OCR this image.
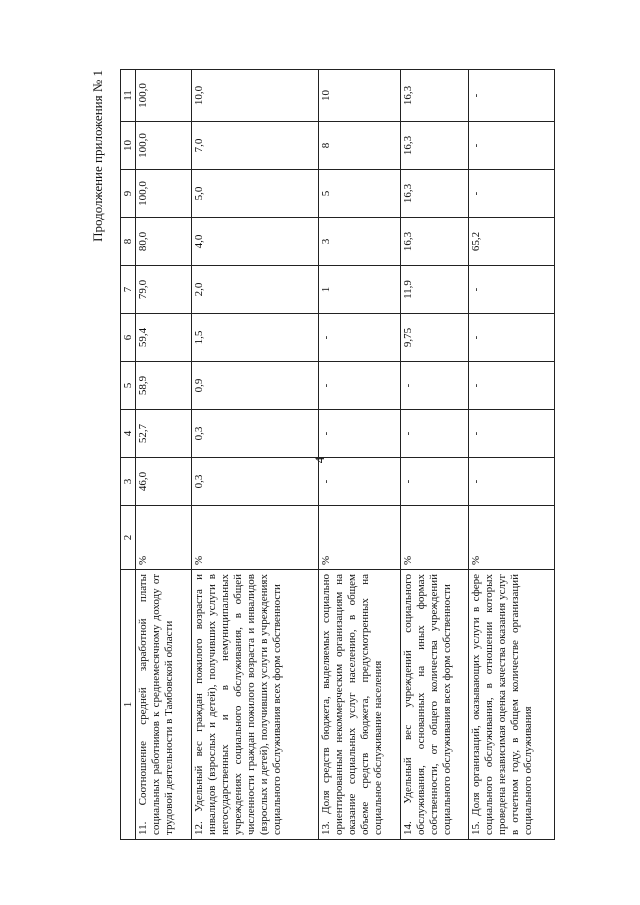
4
Продолжение приложения № 1
1	2	3	4	5	6	7	8	9	10	11
11. Соотношение средней заработной платы социальных работников к среднемесячному доходу от трудовой деятельности в Тамбовской области	%	46,0	52,7	58,9	59,4	79,0	80,0	100,0	100,0	100,0
12. Удельный вес граждан пожилого возраста и инвалидов (взрослых и детей), получивших услуги в негосударственных и в немуниципальных учреждениях социального обслуживания, в общей численности граждан пожилого возраста и инвалидов (взрослых и детей), получивших услуги в учреждениях социального обслуживания всех форм собственности	%	0,3	0,3	0,9	1,5	2,0	4,0	5,0	7,0	10,0
13. Доля средств бюджета, выделяемых социально ориентированным некоммерческим организациям на оказание социальных услуг населению, в общем объеме средств бюджета, предусмотренных на социальное обслуживание населения	%	-	-	-	-	1	3	5	8	10
14. Удельный вес учреждений социального обслуживания, основанных на иных формах собственности, от общего количества учреждений социального обслуживания всех форм собственности	%	-	-	-	9,75	11,9	16,3	16,3	16,3	16,3
15. Доля организаций, оказывающих услуги в сфере социального обслуживания, в отношении которых проведена независимая оценка качества оказания услуг в отчетном году, в общем количестве организаций социального обслуживания	%	-	-	-	-	-	65,2	-	-	-
